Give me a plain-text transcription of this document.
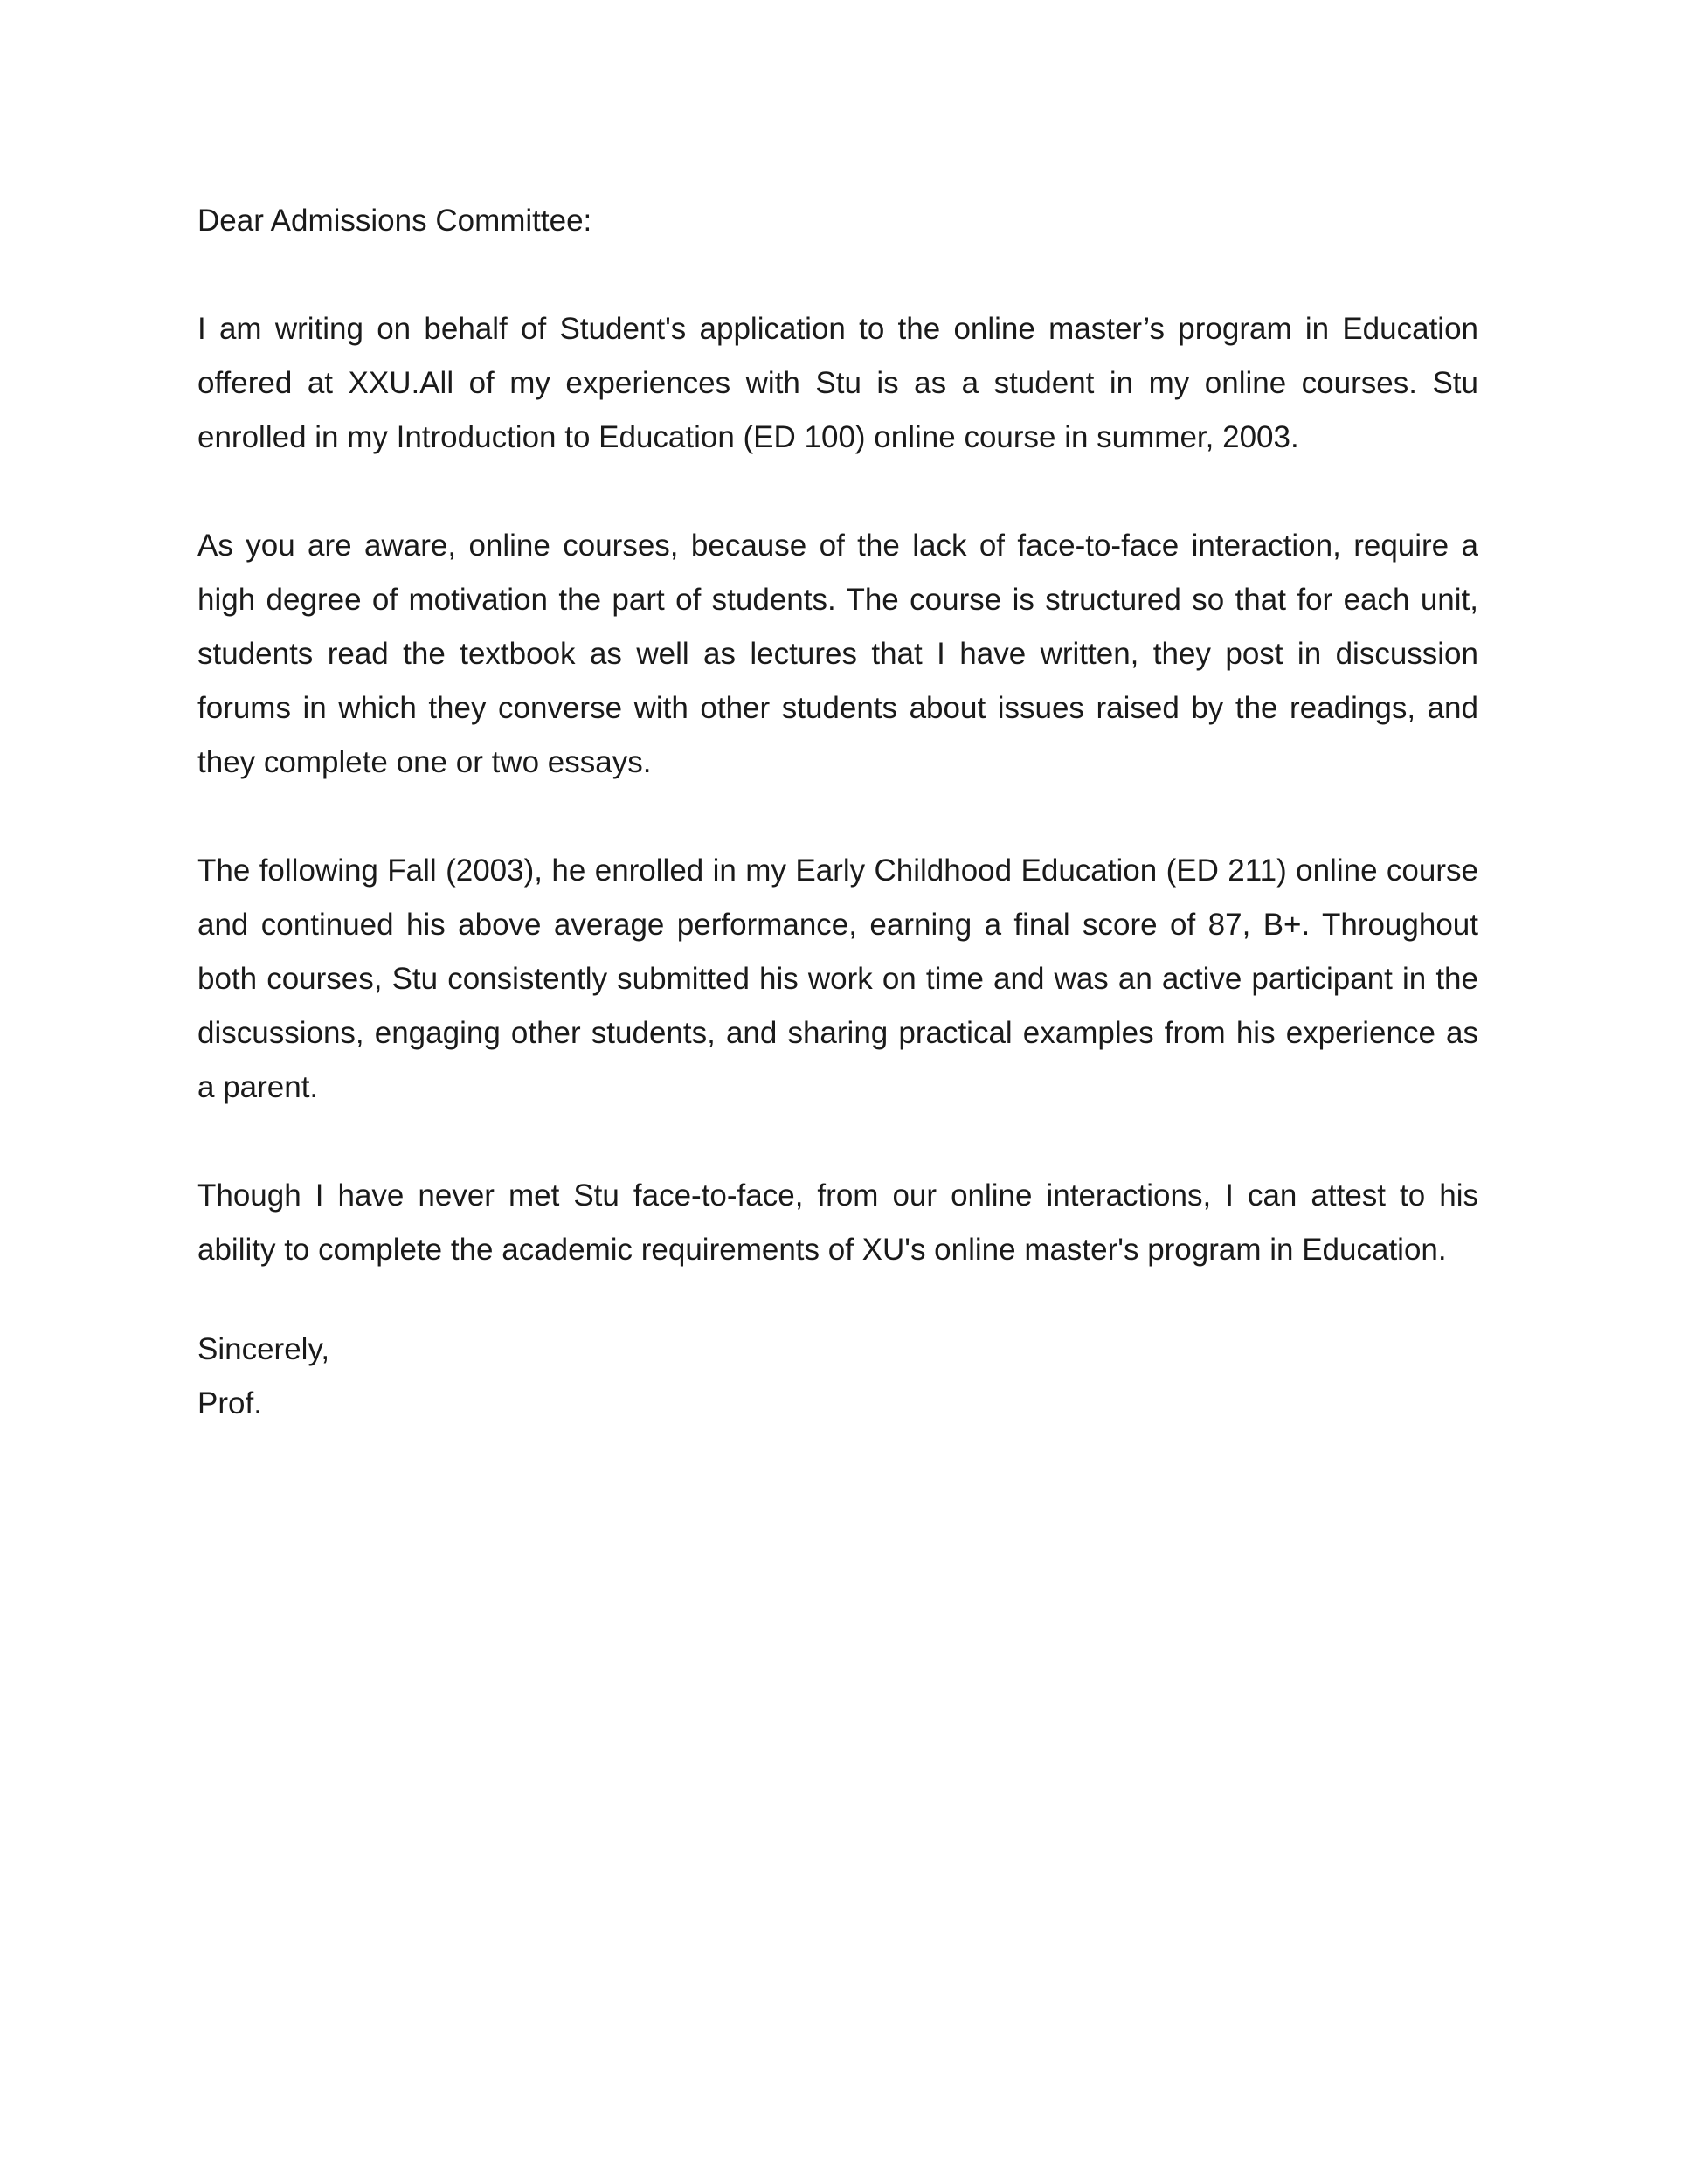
Dear Admissions Committee:

I am writing on behalf of Student's application to the online master’s program in Education offered at XXU.All of my experiences with Stu is as a student in my online courses. Stu enrolled in my Introduction to Education (ED 100) online course in summer, 2003.

As you are aware, online courses, because of the lack of face-to-face interaction, require a high degree of motivation the part of students. The course is structured so that for each unit, students read the textbook as well as lectures that I have written, they post in discussion forums in which they converse with other students about issues raised by the readings, and they complete one or two essays.

The following Fall (2003), he enrolled in my Early Childhood Education (ED 211) online course and continued his above average performance, earning a final score of 87, B+. Throughout both courses, Stu consistently submitted his work on time and was an active participant in the discussions, engaging other students, and sharing practical examples from his experience as a parent.

Though I have never met Stu face-to-face, from our online interactions, I can attest to his ability to complete the academic requirements of XU's online master's program in Education.

Sincerely,
Prof.
